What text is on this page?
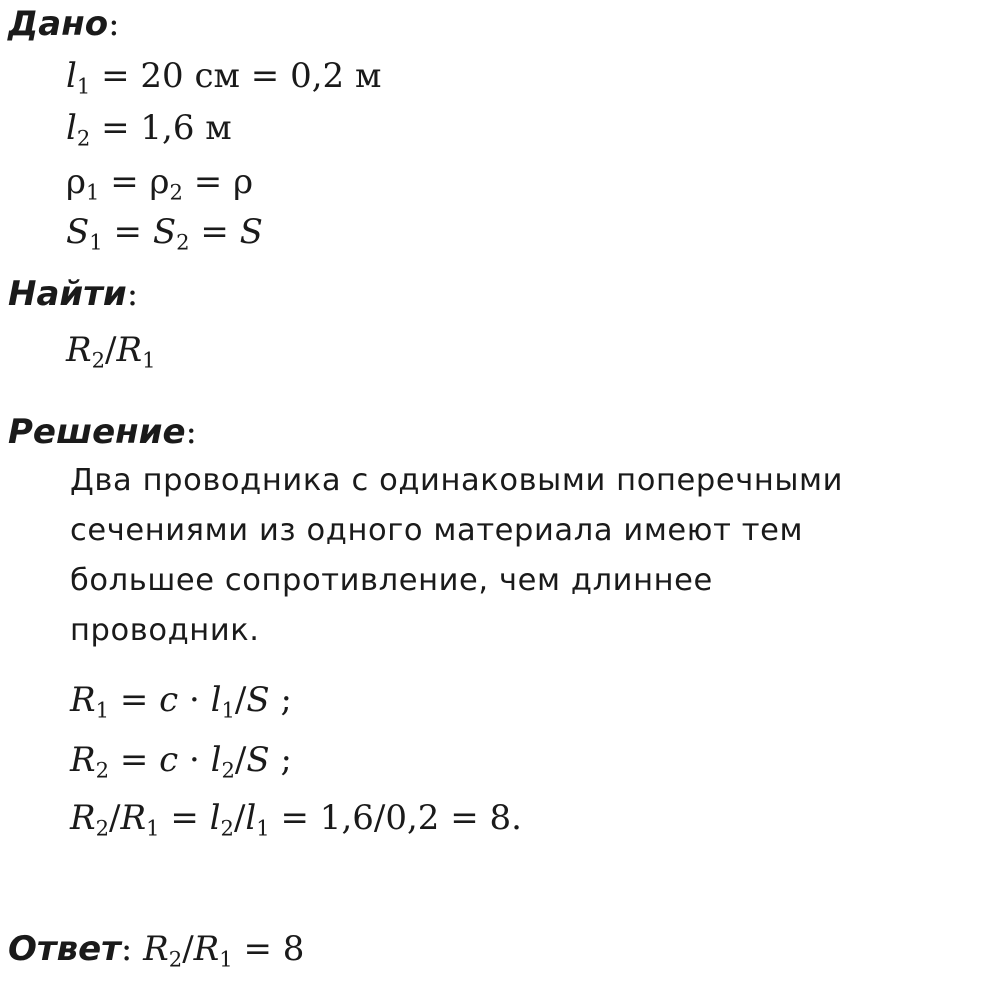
Дано:
$l_1 = 20$ см = 0,2 м
$l_2 = 1,6$ м
$\rho_1 = \rho_2 = \rho$
$S_1 = S_2 = S$
Найти:
$R_2/R_1$
Решение:
Два проводника с одинаковыми поперечными
сечениями из одного материала имеют тем
большее сопротивление, чем длиннее
проводник.
$R_1 = c \cdot l_1/S$ ;
$R_2 = c \cdot l_2/S$ ;
$R_2/R_1 = l_2/l_1 = 1,6/0,2 = 8$.
Ответ: $R_2/R_1 = 8$
